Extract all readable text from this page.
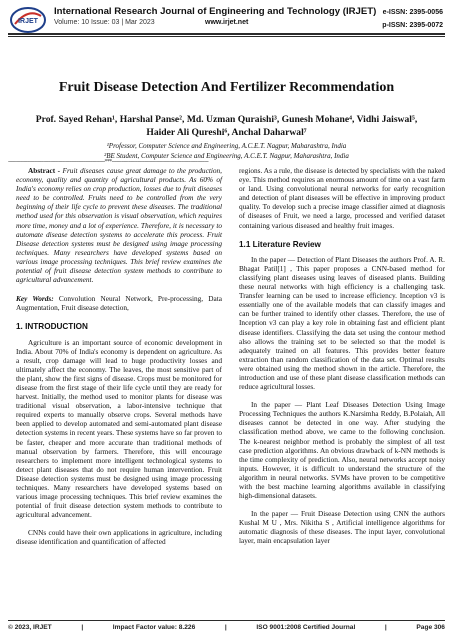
IRJET
International Research Journal of Engineering and Technology (IRJET)
Volume: 10 Issue: 03 | Mar 2023	www.irjet.net
e-ISSN: 2395-0056
p-ISSN: 2395-0072
Fruit Disease Detection And Fertilizer Recommendation
Prof. Sayed Rehan¹, Harshal Panse², Md. Uzman Quraishi³, Gunesh Mohane⁴, Vidhi Jaiswal⁵,
Haider Ali Qureshi⁶, Anchal Daharwal⁷
¹Professor, Computer Science and Engineering, A.C.E.T. Nagpur, Maharashtra, India
²BE Student, Computer Science and Engineering, A.C.E.T. Nagpur, Maharashtra, India
---------------------------------------------------------------------***---------------------------------------------------------------------

Abstract - Fruit diseases cause great damage to the production, economy, quality and quantity of agricultural products. As 60% of India's economy relies on crop production, losses due to fruit diseases need to be controlled. Fruits need to be controlled from the very beginning of their life cycle to prevent these diseases. The traditional method used for this observation is visual observation, which requires more time, money and a lot of experience. Therefore, it is necessary to automate disease detection systems to accelerate this process. Fruit Disease detection systems must be designed using image processing techniques. Many researchers have developed systems based on various image processing techniques. This brief review examines the potential of fruit disease detection system methods to contribute to agricultural advancement.

Key Words: Convolution Neural Network, Pre-processing, Data Augmentation, Fruit disease detection,

1. INTRODUCTION

Agriculture is an important source of economic development in India. About 70% of India's economy is dependent on agriculture. As a result, crop damage will lead to huge productivity losses and ultimately affect the economy. The leaves, the most sensitive part of the plant, show the first signs of disease. Crops must be monitored for disease from the first stage of their life cycle until they are ready for harvest. Initially, the method used to monitor plants for disease was traditional visual observation, a labor-intensive technique that required experts to manually observe crops. Several methods have been applied to develop automated and semi-automated plant disease detection systems in recent years. These systems have so far proven to be faster, cheaper and more accurate than traditional methods of manual observation by farmers. Therefore, this will encourage researchers to implement more intelligent technological systems to detect plant diseases that do not require human intervention. Fruit Disease detection systems must be designed using image processing techniques. Many researchers have developed systems based on various image processing techniques. This brief review examines the potential of fruit disease detection system methods to contribute to agricultural advancement.

CNNs could have their own applications in agriculture, including disease identification and quantification of affected

regions. As a rule, the disease is detected by specialists with the naked eye. This method requires an enormous amount of time on a vast farm or land. Using convolutional neural networks for early recognition and detection of plant diseases will be effective in improving product quality. To develop such a precise image classifier aimed at diagnosis of diseases of Fruit, we need a large, processed and verified dataset containing various diseased and healthy fruit images.

1.1 Literature Review

In the paper — Detection of Plant Diseases the authors Prof. A. R. Bhagat Patil[1] , This paper proposes a CNN-based method for classifying plant diseases using leaves of diseased plants. Building these neural networks with high efficiency is a challenging task. Transfer learning can be used to increase efficiency. Inception v3 is essentially one of the available models that can classify images and can be further trained to identify other classes. Therefore, the use of Inception v3 can play a key role in obtaining fast and efficient plant disease identifiers. Classifying the data set using the contour method also allows the training set to be selected so that the model is adequately trained on all features. This provides better feature extraction than random classification of the data set. Optimal results were obtained using the method shown in the article. Therefore, the introduction and use of these plant disease classification methods can reduce agricultural losses.

In the paper — Plant Leaf Diseases Detection Using Image Processing Techniques the authors K.Narsimha Reddy, B.Polaiah, All diseases cannot be detected in one way. After studying the classification method above, we came to the following conclusion. The k-nearest neighbor method is probably the simplest of all test case prediction algorithms. An obvious drawback of k-NN methods is the time complexity of prediction. Also, neural networks accept noisy inputs. However, it is difficult to understand the structure of the algorithm in neural networks. SVMs have proven to be competitive with the best machine learning algorithms available in classifying high-dimensional datasets.

In the paper — Fruit Disease Detection using CNN the authors Kushal M U , Mrs. Nikitha S , Artificial intelligence algorithms for automatic diagnosis of these diseases. The input layer, convolutional layer, main encapsulation layer

© 2023, IRJET	|	Impact Factor value: 8.226	|	ISO 9001:2008 Certified Journal	|	Page 306
